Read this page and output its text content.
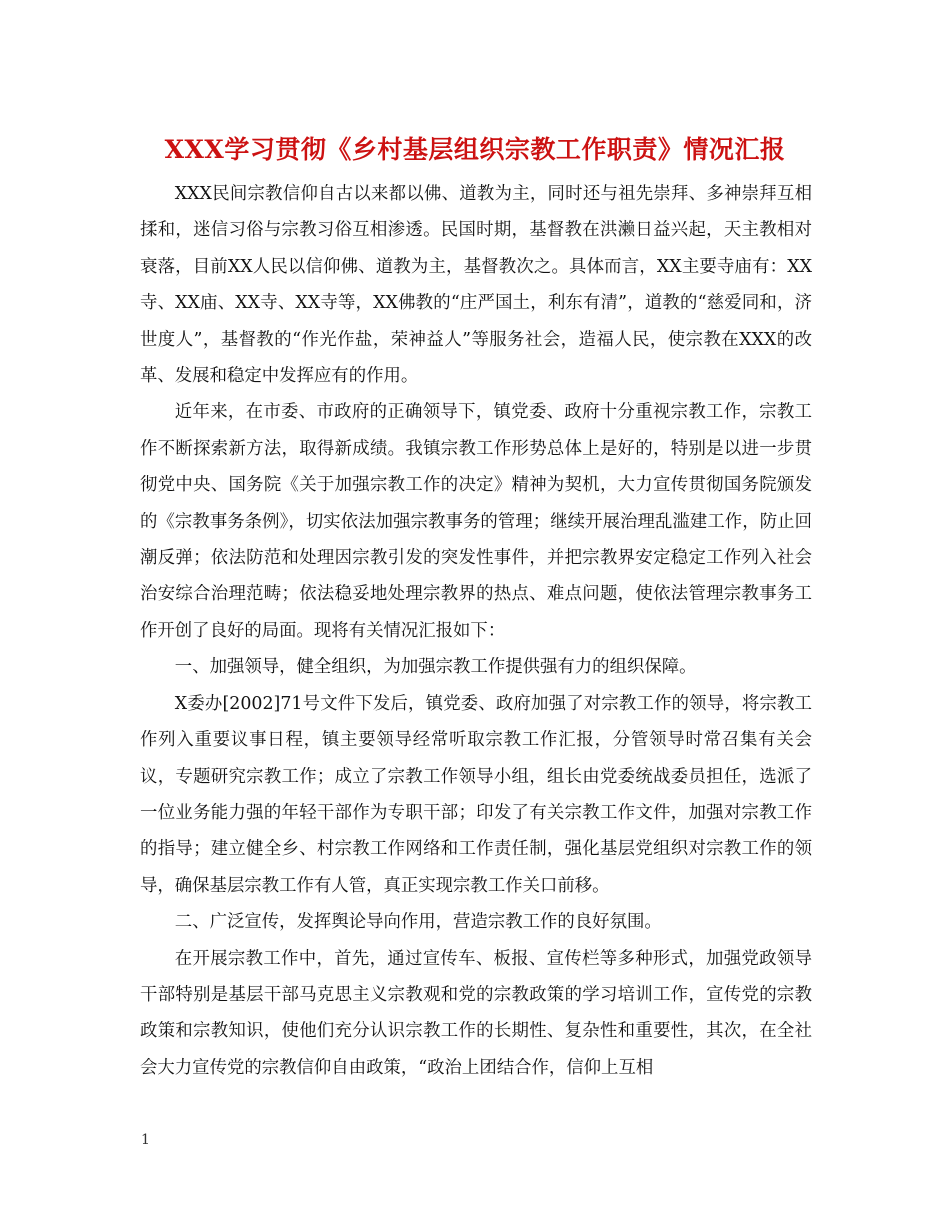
XXX学习贯彻《乡村基层组织宗教工作职责》情况汇报

XXX民间宗教信仰自古以来都以佛、道教为主，同时还与祖先崇拜、多神崇拜互相揉和，迷信习俗与宗教习俗互相渗透。民国时期，基督教在洪濑日益兴起，天主教相对衰落，目前XX人民以信仰佛、道教为主，基督教次之。具体而言，XX主要寺庙有：XX寺、XX庙、XX寺、XX寺等，XX佛教的“庄严国土，利东有清”，道教的“慈爱同和，济世度人”，基督教的“作光作盐，荣神益人”等服务社会，造福人民，使宗教在XXX的改革、发展和稳定中发挥应有的作用。

近年来，在市委、市政府的正确领导下，镇党委、政府十分重视宗教工作，宗教工作不断探索新方法，取得新成绩。我镇宗教工作形势总体上是好的，特别是以进一步贯彻党中央、国务院《关于加强宗教工作的决定》精神为契机，大力宣传贯彻国务院颁发的《宗教事务条例》，切实依法加强宗教事务的管理；继续开展治理乱滥建工作，防止回潮反弹；依法防范和处理因宗教引发的突发性事件，并把宗教界安定稳定工作列入社会治安综合治理范畴；依法稳妥地处理宗教界的热点、难点问题，使依法管理宗教事务工作开创了良好的局面。现将有关情况汇报如下：

一、加强领导，健全组织，为加强宗教工作提供强有力的组织保障。

X委办[2002]71号文件下发后，镇党委、政府加强了对宗教工作的领导，将宗教工作列入重要议事日程，镇主要领导经常听取宗教工作汇报，分管领导时常召集有关会议，专题研究宗教工作；成立了宗教工作领导小组，组长由党委统战委员担任，选派了一位业务能力强的年轻干部作为专职干部；印发了有关宗教工作文件，加强对宗教工作的指导；建立健全乡、村宗教工作网络和工作责任制，强化基层党组织对宗教工作的领导，确保基层宗教工作有人管，真正实现宗教工作关口前移。

二、广泛宣传，发挥舆论导向作用，营造宗教工作的良好氛围。

在开展宗教工作中，首先，通过宣传车、板报、宣传栏等多种形式，加强党政领导干部特别是基层干部马克思主义宗教观和党的宗教政策的学习培训工作，宣传党的宗教政策和宗教知识，使他们充分认识宗教工作的长期性、复杂性和重要性，其次，在全社会大力宣传党的宗教信仰自由政策，“政治上团结合作，信仰上互相

1
